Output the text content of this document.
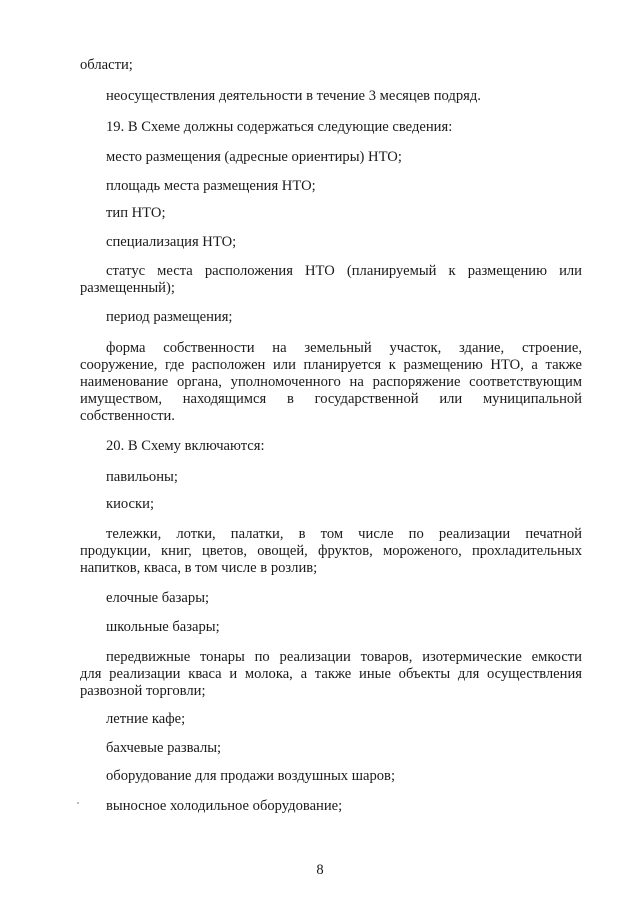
области;

неосуществления деятельности в течение 3 месяцев подряд.

19. В Схеме должны содержаться следующие сведения:

место размещения (адресные ориентиры) НТО;

площадь места размещения НТО;

тип НТО;

специализация НТО;

статус места расположения НТО (планируемый к размещению или

размещенный);

период размещения;

форма собственности на земельный участок, здание, строение,

сооружение, где расположен или планируется к размещению НТО, а также

наименование органа, уполномоченного на распоряжение соответствующим

имуществом, находящимся в государственной или муниципальной

собственности.

20. В Схему включаются:

павильоны;

киоски;

тележки, лотки, палатки, в том числе по реализации печатной

продукции, книг, цветов, овощей, фруктов, мороженого, прохладительных

напитков, кваса, в том числе в розлив;

елочные базары;

школьные базары;

передвижные тонары по реализации товаров, изотермические емкости

для реализации кваса и молока, а также иные объекты для осуществления

развозной торговли;

летние кафе;

бахчевые развалы;

оборудование для продажи воздушных шаров;

выносное холодильное оборудование;

8
